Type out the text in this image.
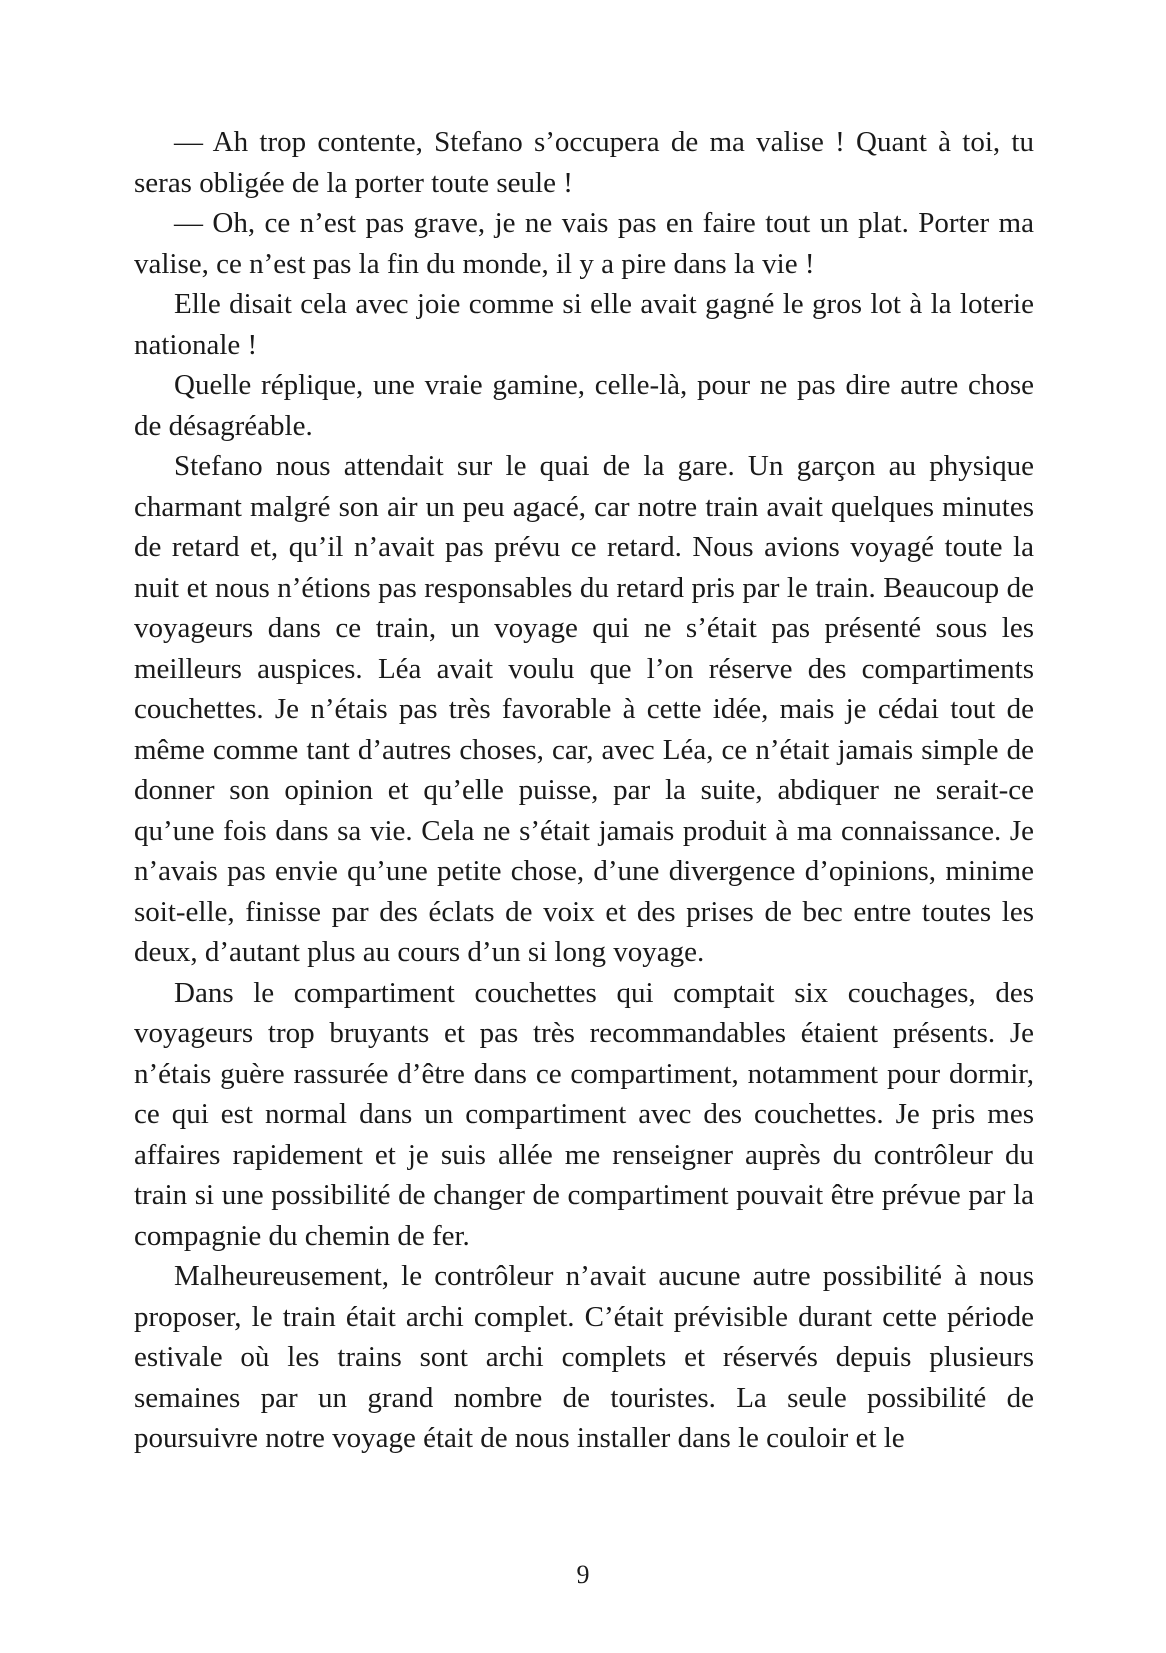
— Ah trop contente, Stefano s’occupera de ma valise ! Quant à toi, tu seras obligée de la porter toute seule !

— Oh, ce n’est pas grave, je ne vais pas en faire tout un plat. Porter ma valise, ce n’est pas la fin du monde, il y a pire dans la vie !

Elle disait cela avec joie comme si elle avait gagné le gros lot à la loterie nationale !

Quelle réplique, une vraie gamine, celle-là, pour ne pas dire autre chose de désagréable.

Stefano nous attendait sur le quai de la gare. Un garçon au physique charmant malgré son air un peu agacé, car notre train avait quelques minutes de retard et, qu’il n’avait pas prévu ce retard. Nous avions voyagé toute la nuit et nous n’étions pas responsables du retard pris par le train. Beaucoup de voyageurs dans ce train, un voyage qui ne s’était pas présenté sous les meilleurs auspices. Léa avait voulu que l’on réserve des compartiments couchettes. Je n’étais pas très favorable à cette idée, mais je cédai tout de même comme tant d’autres choses, car, avec Léa, ce n’était jamais simple de donner son opinion et qu’elle puisse, par la suite, abdiquer ne serait-ce qu’une fois dans sa vie. Cela ne s’était jamais produit à ma connaissance. Je n’avais pas envie qu’une petite chose, d’une divergence d’opinions, minime soit-elle, finisse par des éclats de voix et des prises de bec entre toutes les deux, d’autant plus au cours d’un si long voyage.

Dans le compartiment couchettes qui comptait six couchages, des voyageurs trop bruyants et pas très recommandables étaient présents. Je n’étais guère rassurée d’être dans ce compartiment, notamment pour dormir, ce qui est normal dans un compartiment avec des couchettes. Je pris mes affaires rapidement et je suis allée me renseigner auprès du contrôleur du train si une possibilité de changer de compartiment pouvait être prévue par la compagnie du chemin de fer.

Malheureusement, le contrôleur n’avait aucune autre possibilité à nous proposer, le train était archi complet. C’était prévisible durant cette période estivale où les trains sont archi complets et réservés depuis plusieurs semaines par un grand nombre de touristes. La seule possibilité de poursuivre notre voyage était de nous installer dans le couloir et le

9
